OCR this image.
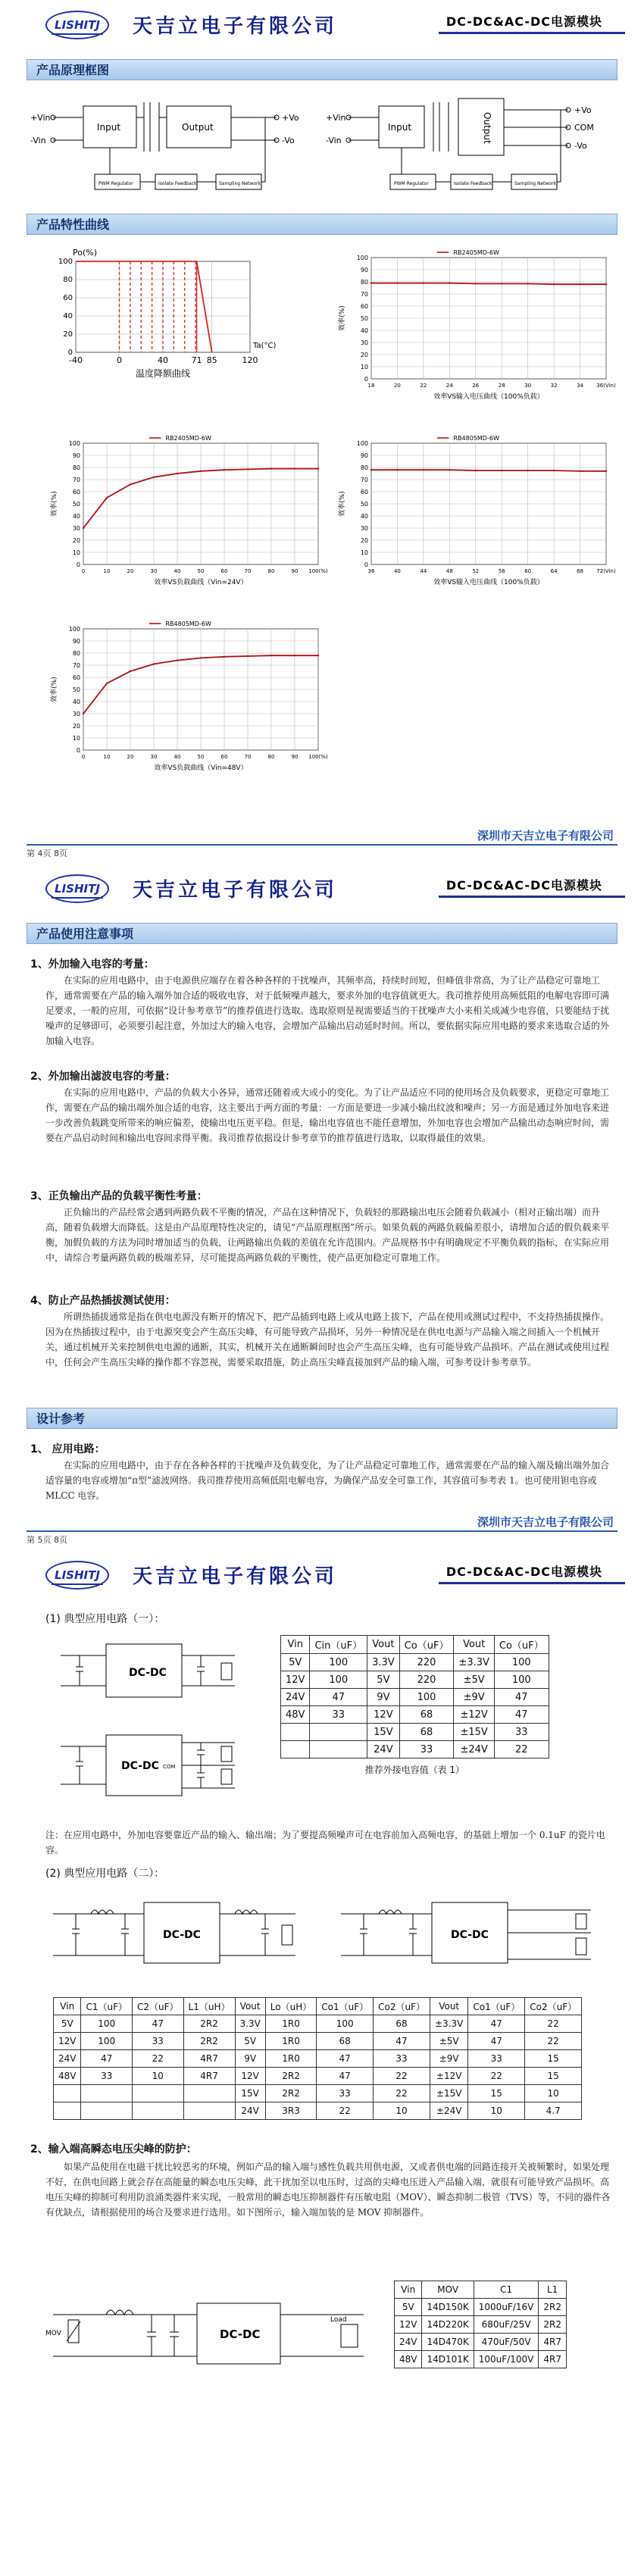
LISHITJ	天吉立电子有限公司	DC-DC&AC-DC电源模块
产品原理框图
+Vin
-Vin
Input	Output
+Vo
-Vo
PWM Regulator	Isolate Feedback	Sampling Network
+Vin
-Vin
Input	Output
+Vo
COM
-Vo
PWM Regulator	Isolate Feedback	Sampling Network
产品特性曲线
100
80
60
40
20
0
-40	0	40	71 85	120
Po(%)
Ta(°C)
温度降额曲线
100
90
80
70
60
50
40
30
20
10
0
18	20	22	24	26	28	30	32	34 36(Vin)
RB2405MD-6W
效率(%)
效率VS输入电压曲线（100%负载）
100
90
80
70
60
50
40
30
20
10
0
0	10	20	30	40	50	60	70	80	90 100(%)
RB2405MD-6W
效率(%)
效率VS负载曲线（Vin=24V）
100
90
80
70
60
50
40
30
20
10
0
36	40	44	48	52	56	60	64	68 72(Vin)
RB4805MD-6W
效率(%)
效率VS输入电压曲线（100%负载）
100
90
80
70
60
50
40
30
20
10
0
0	10	20	30	40	50	60	70	80	90 100(%)
RB4805MD-6W
效率(%)
效率VS负载曲线（Vin=48V）
深圳市天吉立电子有限公司
第 4页 8页
LISHITJ	天吉立电子有限公司	DC-DC&AC-DC电源模块
产品使用注意事项
1、外加输入电容的考量：
在实际的应用电路中，由于电源供应端存在着各种各样的干扰噪声，其频率高，持续时间短，但峰值非常高，为了让产品稳定可靠地工作，通常需要在产品的输入端外加合适的吸收电容，对于低频噪声越大，要求外加的电容值就更大。我司推荐使用高频低阻的电解电容即可满足要求，一般的应用，可依据“设计参考章节”的推荐值进行选取。选取原则是视需要适当的干扰噪声大小来相关成减少电容值，只要能结于扰噪声的足够即可，必须要引起注意，外加过大的输入电容，会增加产品输出启动延时时间。所以，要依据实际应用电路的要求来选取合适的外加输入电容。
2、外加输出滤波电容的考量：
在实际的应用电路中，产品的负载大小各异，通常还随着或大或小的变化。为了让产品适应不同的使用场合及负载要求，更稳定可靠地工作，需要在产品的输出端外加合适的电容，这主要出于两方面的考量：一方面是要进一步减小输出纹波和噪声；另一方面是通过外加电容来进一步改善负载跳变所带来的响应偏差，使输出电压更平稳。但是，输出电容值也不能任意增加，外加电容也会增加产品输出动态响应时间，需要在产品启动时间和输出电容间求得平衡。我司推荐依据设计参考章节的推荐值进行选取，以取得最佳的效果。
3、正负输出产品的负载平衡性考量：
正负输出的产品经常会遇到两路负载不平衡的情况，产品在这种情况下，负载轻的那路输出电压会随着负载减小（相对正输出端）而升高，随着负载增大而降低。这是由产品原理特性决定的，请见“产品原理框图”所示。如果负载的两路负载偏差很小，请增加合适的假负载来平衡，加假负载的方法为同时增加适当的负载，让两路输出负载的差值在允许范围内。产品规格书中有明确规定不平衡负载的指标，在实际应用中，请综合考量两路负载的极端差异，尽可能提高两路负载的平衡性，使产品更加稳定可靠地工作。
4、防止产品热插拔测试使用：
所谓热插拔通常是指在供电电源没有断开的情况下，把产品插到电路上或从电路上拔下，产品在使用或测试过程中，不支持热插拔操作。因为在热插拔过程中，由于电源突变会产生高压尖峰，有可能导致产品损坏，另外一种情况是在供电电源与产品输入端之间插入一个机械开关，通过机械开关来控制供电电源的通断，其实，机械开关在通断瞬间时也会产生高压尖峰，也有可能导致产品损坏。产品在测试或使用过程中，任何会产生高压尖峰的操作都不容忽视，需要采取措施，防止高压尖峰直接加到产品的输入端，可参考设计参考章节。
设计参考
1、 应用电路：
在实际的应用电路中，由于存在各种各样的干扰噪声及负载变化，为了让产品稳定可靠地工作，通常需要在产品的输入端及输出端外加合适容量的电容或增加“π型”滤波网络。我司推荐使用高频低阻电解电容，为确保产品安全可靠工作，其容值可参考表 1。也可使用钽电容或 MLCC 电容。
深圳市天吉立电子有限公司
第 5页 8页
LISHITJ	天吉立电子有限公司	DC-DC&AC-DC电源模块
(1) 典型应用电路（一）：
DC-DC
DC-DC COM
Vin	Cin（uF）	Vout	Co（uF）	Vout	Co（uF）
5V	100	3.3V	220	±3.3V	100
12V	100	5V	220	±5V	100
24V	47	9V	100	±9V	47
48V	33	12V	68	±12V	47
		15V	68	±15V	33
		24V	33	±24V	22
推荐外接电容值（表 1）
注：在应用电路中，外加电容要靠近产品的输入、输出端；为了要提高频噪声可在电容前加入高频电容，的基础上增加一个 0.1uF 的瓷片电容。
(2) 典型应用电路（二）：
DC-DC	DC-DC
Vin	C1（uF）	C2（uF）	L1（uH）	Vout	Lo（uH）	Co1（uF）	Co2（uF）	Vout	Co1（uF）	Co2（uF）
5V	100	47	2R2	3.3V	1R0	100	68	±3.3V	47	22
12V	100	33	2R2	5V	1R0	68	47	±5V	47	22
24V	47	22	4R7	9V	1R0	47	33	±9V	33	15
48V	33	10	4R7	12V	2R2	47	22	±12V	22	15
				15V	2R2	33	22	±15V	15	10
				24V	3R3	22	10	±24V	10	4.7
2、输入端高瞬态电压尖峰的防护：
如果产品使用在电磁干扰比较恶劣的环境，例如产品的输入端与感性负载共用供电源，又或者供电端的回路连接开关被频繁时，如果处理不好，在供电回路上就会存在高能量的瞬态电压尖峰，此干扰加至以电压时，过高的尖峰电压进入产品输入端，就很有可能导致产品损坏。高电压尖峰的抑制可利用防浪涌类器件来实现，一般常用的瞬态电压抑制器件有压敏电阻（MOV）、瞬态抑制二极管（TVS）等，不同的器件各有优缺点，请根据使用的场合及要求进行选用。如下图所示，输入端加装的是 MOV 抑制器件。
MOV	DC-DC
Load
Vin	MOV	C1	L1
5V	14D150K	1000uF/16V	2R2
12V	14D220K	680uF/25V	2R2
24V	14D470K	470uF/50V	4R7
48V	14D101K	100uF/100V	4R7
